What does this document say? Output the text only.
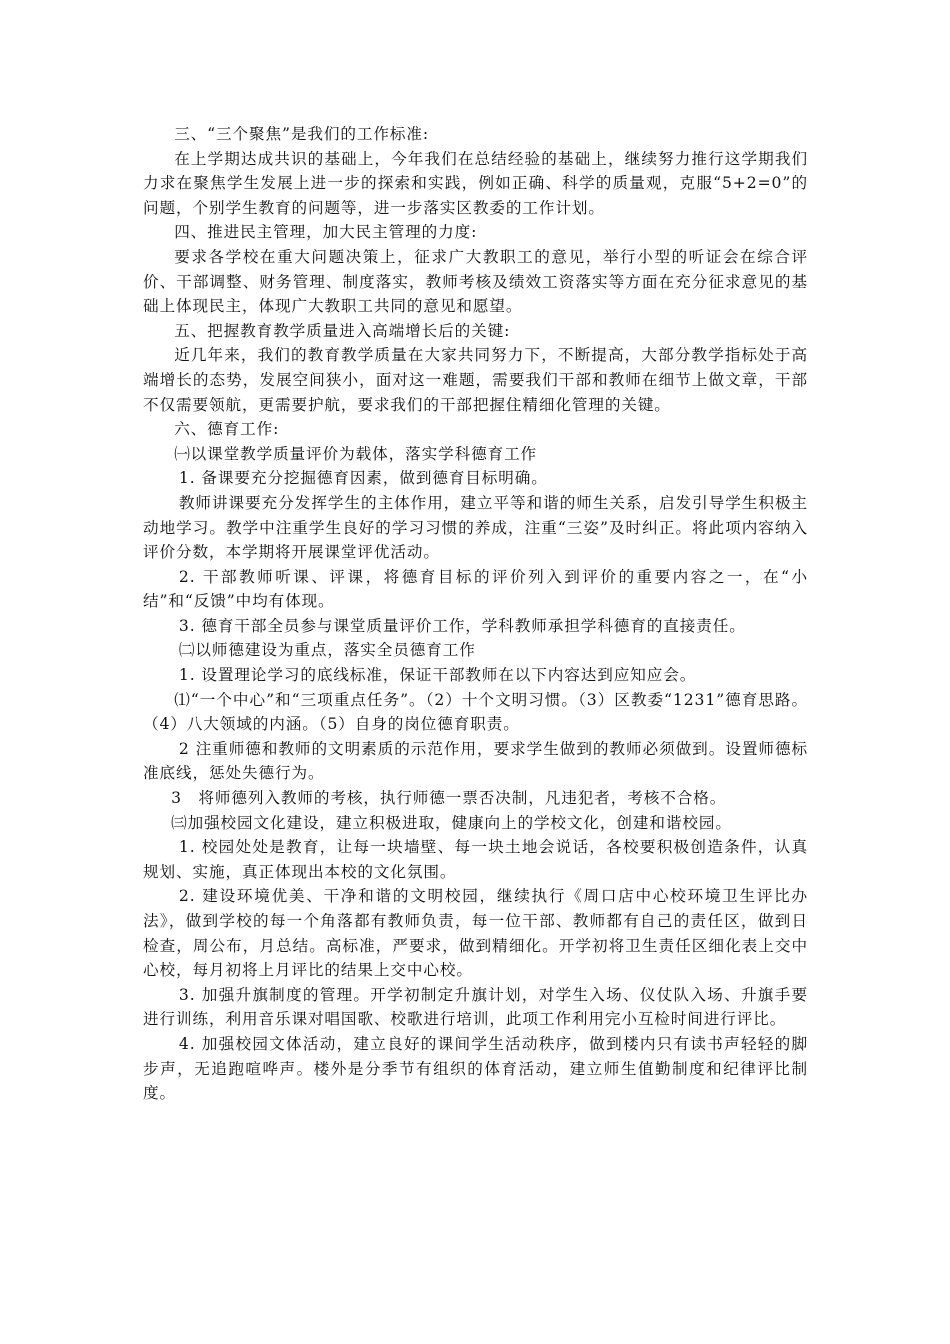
三、“三个聚焦”是我们的工作标准:

在上学期达成共识的基础上，今年我们在总结经验的基础上，继续努力推行这学期我们力求在聚焦学生发展上进一步的探索和实践，例如正确、科学的质量观，克服“5+2=0”的问题，个别学生教育的问题等，进一步落实区教委的工作计划。

四、推进民主管理，加大民主管理的力度:

要求各学校在重大问题决策上，征求广大教职工的意见，举行小型的听证会在综合评价、干部调整、财务管理、制度落实，教师考核及绩效工资落实等方面在充分征求意见的基础上体现民主，体现广大教职工共同的意见和愿望。

五、把握教育教学质量进入高端增长后的关键:

近几年来，我们的教育教学质量在大家共同努力下，不断提高，大部分教学指标处于高端增长的态势，发展空间狭小，面对这一难题，需要我们干部和教师在细节上做文章，干部不仅需要领航，更需要护航，要求我们的干部把握住精细化管理的关键。

六、德育工作:

㈠以课堂教学质量评价为载体，落实学科德育工作

1. 备课要充分挖掘德育因素，做到德育目标明确。

教师讲课要充分发挥学生的主体作用，建立平等和谐的师生关系，启发引导学生积极主动地学习。教学中注重学生良好的学习习惯的养成，注重“三姿”及时纠正。将此项内容纳入评价分数，本学期将开展课堂评优活动。

2. 干部教师听课、评课，将德育目标的评价列入到评价的重要内容之一，在“小结”和“反馈”中均有体现。

3. 德育干部全员参与课堂质量评价工作，学科教师承担学科德育的直接责任。

㈡以师德建设为重点，落实全员德育工作

1. 设置理论学习的底线标准，保证干部教师在以下内容达到应知应会。

⑴“一个中心”和“三项重点任务”。（2）十个文明习惯。（3）区教委“1231”德育思路。（4）八大领域的内涵。（5）自身的岗位德育职责。

2 注重师德和教师的文明素质的示范作用，要求学生做到的教师必须做到。设置师德标准底线，惩处失德行为。

3　将师德列入教师的考核，执行师德一票否决制，凡违犯者，考核不合格。

㈢加强校园文化建设，建立积极进取，健康向上的学校文化，创建和谐校园。

1. 校园处处是教育，让每一块墙壁、每一块土地会说话，各校要积极创造条件，认真规划、实施，真正体现出本校的文化氛围。

2. 建设环境优美、干净和谐的文明校园，继续执行《周口店中心校环境卫生评比办法》，做到学校的每一个角落都有教师负责，每一位干部、教师都有自己的责任区，做到日检查，周公布，月总结。高标准，严要求，做到精细化。开学初将卫生责任区细化表上交中心校，每月初将上月评比的结果上交中心校。

3. 加强升旗制度的管理。开学初制定升旗计划，对学生入场、仪仗队入场、升旗手要进行训练，利用音乐课对唱国歌、校歌进行培训，此项工作利用完小互检时间进行评比。

4. 加强校园文体活动，建立良好的课间学生活动秩序，做到楼内只有读书声轻轻的脚步声，无追跑喧哗声。楼外是分季节有组织的体育活动，建立师生值勤制度和纪律评比制度。
